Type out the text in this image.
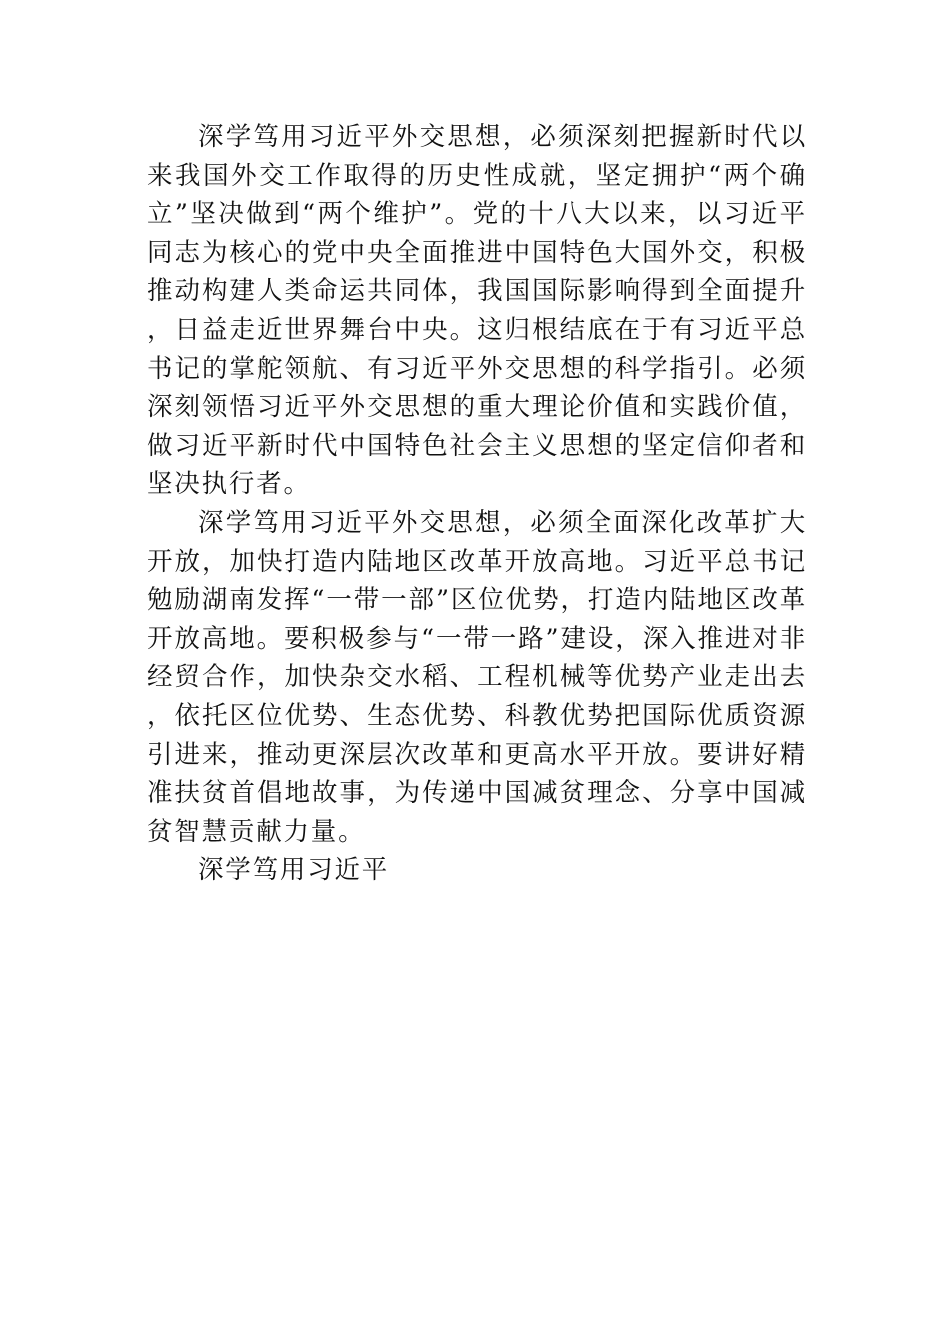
深学笃用习近平外交思想，必须深刻把握新时代以来我国外交工作取得的历史性成就，坚定拥护“两个确立”坚决做到“两个维护”。党的十八大以来，以习近平同志为核心的党中央全面推进中国特色大国外交，积极推动构建人类命运共同体，我国国际影响得到全面提升，日益走近世界舞台中央。这归根结底在于有习近平总书记的掌舵领航、有习近平外交思想的科学指引。必须深刻领悟习近平外交思想的重大理论价值和实践价值，做习近平新时代中国特色社会主义思想的坚定信仰者和坚决执行者。

深学笃用习近平外交思想，必须全面深化改革扩大开放，加快打造内陆地区改革开放高地。习近平总书记勉励湖南发挥“一带一部”区位优势，打造内陆地区改革开放高地。要积极参与“一带一路”建设，深入推进对非经贸合作，加快杂交水稻、工程机械等优势产业走出去，依托区位优势、生态优势、科教优势把国际优质资源引进来，推动更深层次改革和更高水平开放。要讲好精准扶贫首倡地故事，为传递中国减贫理念、分享中国减贫智慧贡献力量。

深学笃用习近平
